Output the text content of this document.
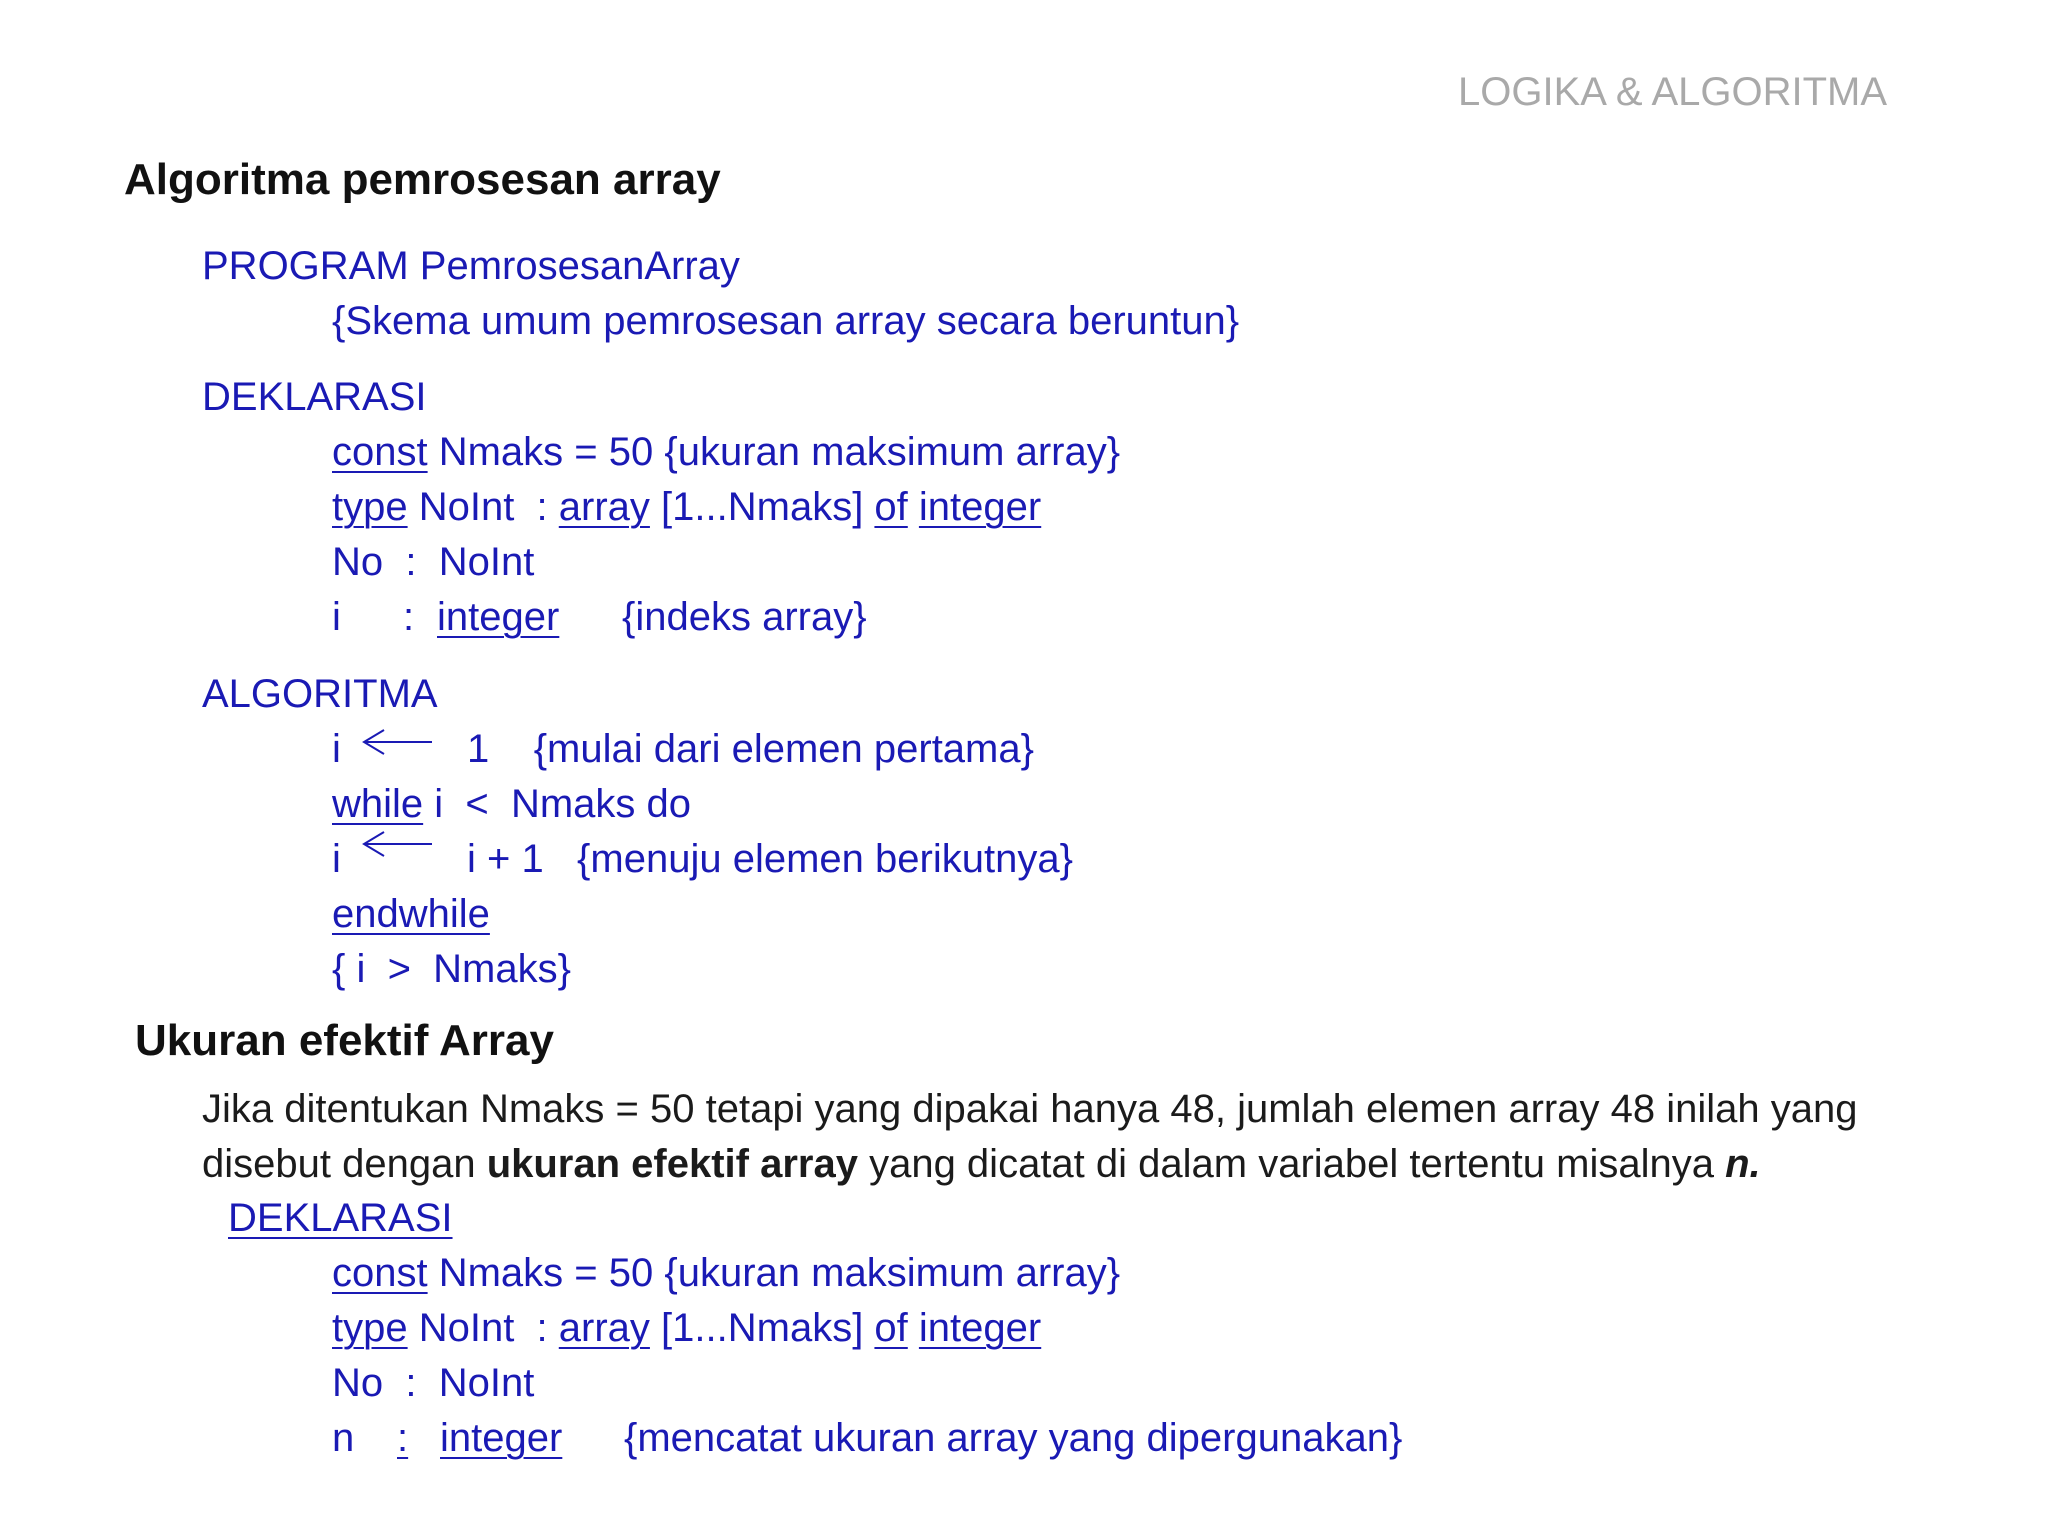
LOGIKA & ALGORITMA
Algoritma pemrosesan array
PROGRAM PemrosesanArray
{Skema umum pemrosesan array secara beruntun}
DEKLARASI
const Nmaks = 50 {ukuran maksimum array}
type NoInt  : array [1...Nmaks] of integer
No  :  NoInt
i : integer {indeks array}
ALGORITMA
i	1    {mulai dari elemen pertama}
while i  <  Nmaks do
i	i + 1   {menuju elemen berikutnya}
endwhile
{ i  >  Nmaks}
Ukuran efektif Array
Jika ditentukan Nmaks = 50 tetapi yang dipakai hanya 48, jumlah elemen array 48 inilah yang
disebut dengan ukuran efektif array yang dicatat di dalam variabel tertentu misalnya n.
DEKLARASI
const Nmaks = 50 {ukuran maksimum array}
type NoInt  : array [1...Nmaks] of integer
No  :  NoInt
n : integer {mencatat ukuran array yang dipergunakan}
